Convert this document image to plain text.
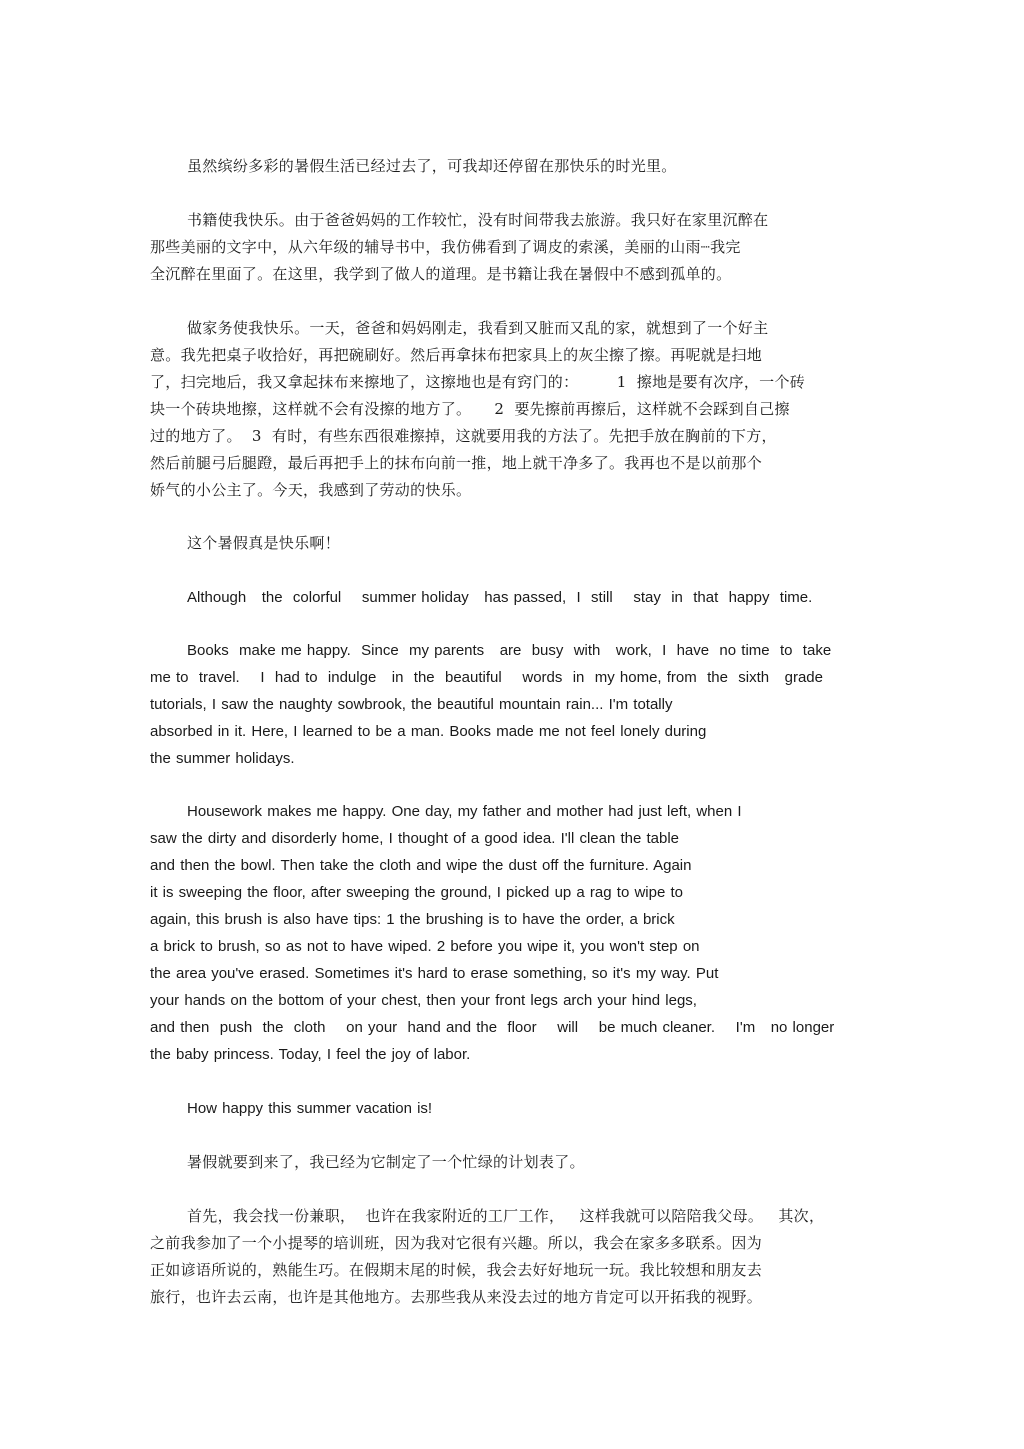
虽然缤纷多彩的暑假生活已经过去了，可我却还停留在那快乐的时光里。
书籍使我快乐。由于爸爸妈妈的工作较忙，没有时间带我去旅游。我只好在家里沉醉在
那些美丽的文字中，从六年级的辅导书中，我仿佛看到了调皮的索溪，美丽的山雨┈我完
全沉醉在里面了。在这里，我学到了做人的道理。是书籍让我在暑假中不感到孤单的。
做家务使我快乐。一天，爸爸和妈妈刚走，我看到又脏而又乱的家，就想到了一个好主
意。我先把桌子收拾好，再把碗刷好。然后再拿抹布把家具上的灰尘擦了擦。再呢就是扫地
了，扫完地后，我又拿起抹布来擦地了，这擦地也是有窍门的：　　　1  擦地是要有次序，一个砖
块一个砖块地擦，这样就不会有没擦的地方了。　　2  要先擦前再擦后，这样就不会踩到自己擦
过的地方了。  3  有时，有些东西很难擦掉，这就要用我的方法了。先把手放在胸前的下方，
然后前腿弓后腿蹬，最后再把手上的抹布向前一推，地上就干净多了。我再也不是以前那个
娇气的小公主了。今天，我感到了劳动的快乐。
这个暑假真是快乐啊！
Although   the  colorful    summer holiday   has passed,  I  still    stay  in  that  happy  time.
Books  make me happy.  Since  my parents   are  busy  with   work,  I  have  no time  to  take
me to  travel.    I  had to  indulge   in  the  beautiful    words  in  my home, from  the  sixth   grade
tutorials, I saw the naughty sowbrook, the beautiful mountain rain... I'm totally
absorbed in it. Here, I learned to be a man. Books made me not feel lonely during
the summer holidays.
Housework makes me happy. One day, my father and mother had just left, when I
saw the dirty and disorderly home, I thought of a good idea. I'll clean the table
and then the bowl. Then take the cloth and wipe the dust off the furniture. Again
it is sweeping the floor, after sweeping the ground, I picked up a rag to wipe to
again, this brush is also have tips: 1 the brushing is to have the order, a brick
a brick to brush, so as not to have wiped. 2 before you wipe it, you won't step on
the area you've erased. Sometimes it's hard to erase something, so it's my way. Put
your hands on the bottom of your chest, then your front legs arch your hind legs,
and then  push  the  cloth    on your  hand and the  floor    will    be much cleaner.    I'm   no longer
the baby princess. Today, I feel the joy of labor.
How happy this summer vacation is!
暑假就要到来了，我已经为它制定了一个忙绿的计划表了。
首先，我会找一份兼职，  也许在我家附近的工厂工作，   这样我就可以陪陪我父母。   其次，
之前我参加了一个小提琴的培训班，因为我对它很有兴趣。所以，我会在家多多联系。因为
正如谚语所说的，熟能生巧。在假期末尾的时候，我会去好好地玩一玩。我比较想和朋友去
旅行，也许去云南，也许是其他地方。去那些我从来没去过的地方肯定可以开拓我的视野。
